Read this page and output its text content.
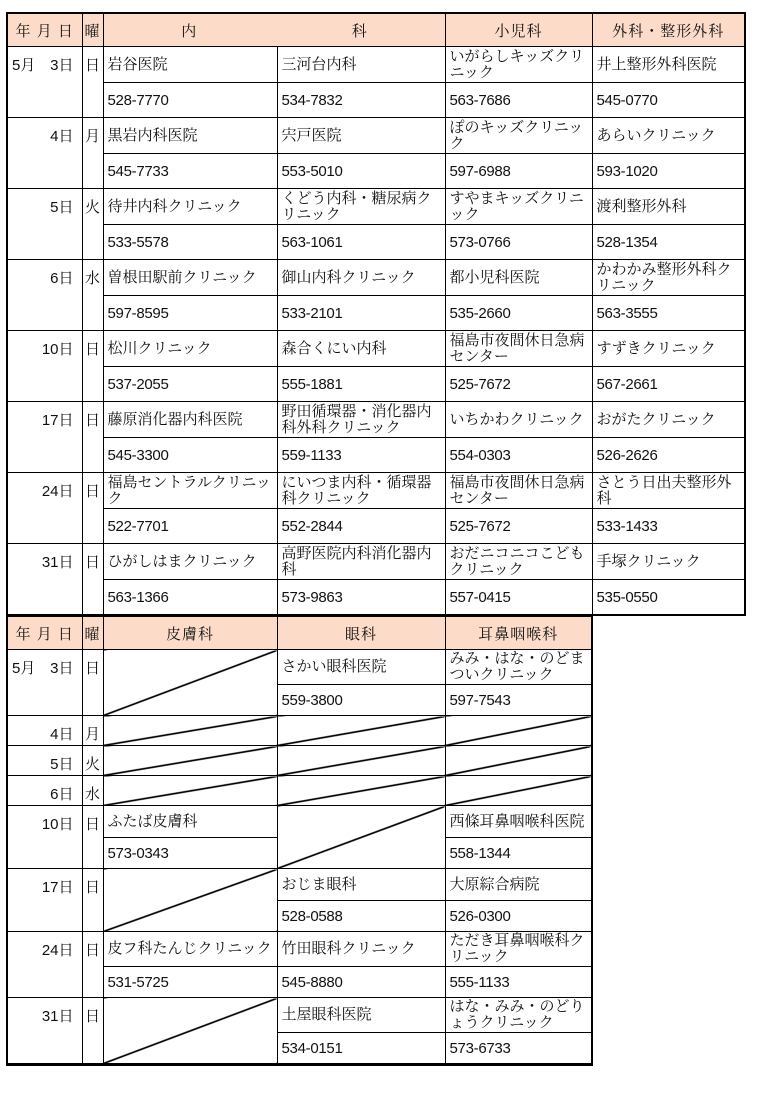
年 月 日	曜	内 科		小児科	外科・整形外科

5月 3日	日	岩谷医院	三河台内科	いがらしキッズクリニック	井上整形外科医院
		528-7770	534-7832	563-7686	545-0770

4日	月	黒岩内科医院	宍戸医院	ぽのキッズクリニック	あらいクリニック
		545-7733	553-5010	597-6988	593-1020

5日	火	待井内科クリニック	くどう内科・糖尿病クリニック	すやまキッズクリニック	渡利整形外科
		533-5578	563-1061	573-0766	528-1354

6日	水	曽根田駅前クリニック	御山内科クリニック	都小児科医院	かわかみ整形外科クリニック
		597-8595	533-2101	535-2660	563-3555

10日	日	松川クリニック	森合くにい内科	福島市夜間休日急病センター	すずきクリニック
		537-2055	555-1881	525-7672	567-2661

17日	日	藤原消化器内科医院	野田循環器・消化器内科外科クリニック	いちかわクリニック	おがたクリニック
		545-3300	559-1133	554-0303	526-2626

24日	日	福島セントラルクリニック	にいつま内科・循環器科クリニック	福島市夜間休日急病センター	さとう日出夫整形外科
		522-7701	552-2844	525-7672	533-1433

31日	日	ひがしはまクリニック	高野医院内科消化器内科	おだニコニコこどもクリニック	手塚クリニック
		563-1366	573-9863	557-0415	535-0550
年 月 日	曜	皮膚科	眼科	耳鼻咽喉科

5月 3日	日		さかい眼科医院	みみ・はな・のどまついクリニック
			559-3800	597-7543

4日	月			

5日	火			

6日	水			

10日	日	ふたば皮膚科		西條耳鼻咽喉科医院
		573-0343		558-1344

17日	日		おじま眼科	大原綜合病院
			528-0588	526-0300

24日	日	皮フ科たんじクリニック	竹田眼科クリニック	ただき耳鼻咽喉科クリニック
		531-5725	545-8880	555-1133

31日	日		土屋眼科医院	はな・みみ・のどりょうクリニック
			534-0151	573-6733
